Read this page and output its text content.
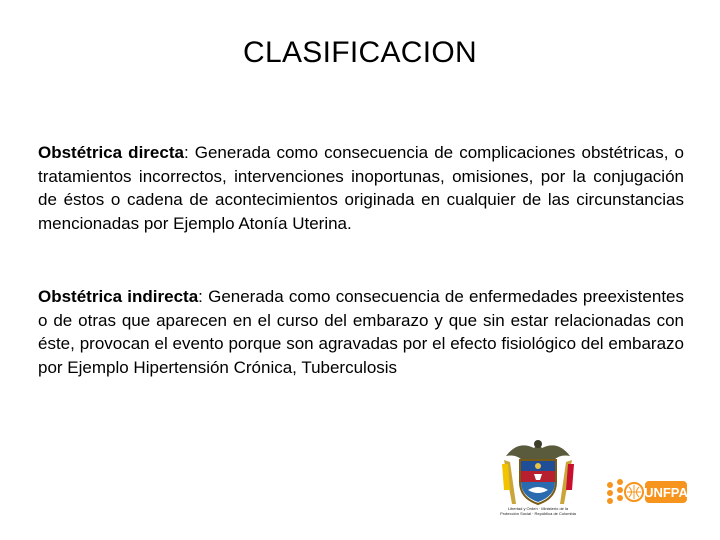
CLASIFICACION
Obstétrica directa: Generada como consecuencia de complicaciones obstétricas, o tratamientos incorrectos, intervenciones inoportunas, omisiones, por la conjugación de éstos o cadena de acontecimientos originada en cualquier de las circunstancias mencionadas por Ejemplo Atonía Uterina.
Obstétrica indirecta: Generada como consecuencia de enfermedades preexistentes o de otras que aparecen en el curso del embarazo y que sin estar relacionadas con éste, provocan el evento porque son agravadas por el efecto fisiológico del embarazo por Ejemplo Hipertensión Crónica, Tuberculosis
Libertad y Orden · Ministerio de la Protección Social · República de Colombia
UNFPA
